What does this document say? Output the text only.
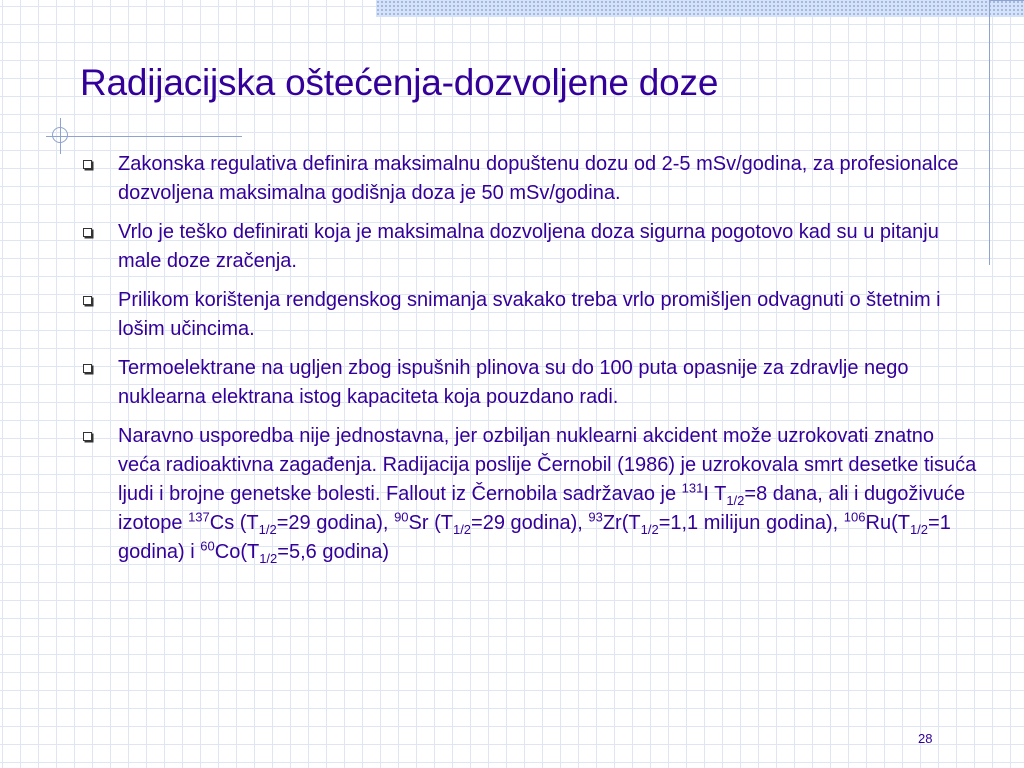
Radijacijska oštećenja-dozvoljene doze
Zakonska regulativa definira maksimalnu dopuštenu dozu od 2-5 mSv/godina, za profesionalce dozvoljena maksimalna godišnja doza je 50 mSv/godina.
Vrlo je teško definirati koja je maksimalna dozvoljena doza sigurna pogotovo kad su u pitanju male doze zračenja.
Prilikom korištenja rendgenskog snimanja svakako treba vrlo promišljen odvagnuti o štetnim i lošim učincima.
Termoelektrane na ugljen zbog ispušnih plinova su do 100 puta opasnije za zdravlje nego nuklearna elektrana istog kapaciteta koja pouzdano radi.
Naravno usporedba nije jednostavna, jer ozbiljan nuklearni akcident može uzrokovati znatno veća radioaktivna zagađenja. Radijacija poslije Černobil (1986) je uzrokovala smrt desetke tisuća ljudi i brojne genetske bolesti. Fallout iz Černobila sadržavao je $^{131}$I $T_{1/2}=8$ dana, ali i dugoživuće izotope $^{137}$Cs ($T_{1/2}=29$ godina), $^{90}$Sr ($T_{1/2}=29$ godina), $^{93}Zr(T_{1/2}=1,1$ milijun godina), $^{106}Ru(T_{1/2}=1$ godina) i $^{60}Co(T_{1/2}=5,6$ godina)
28
